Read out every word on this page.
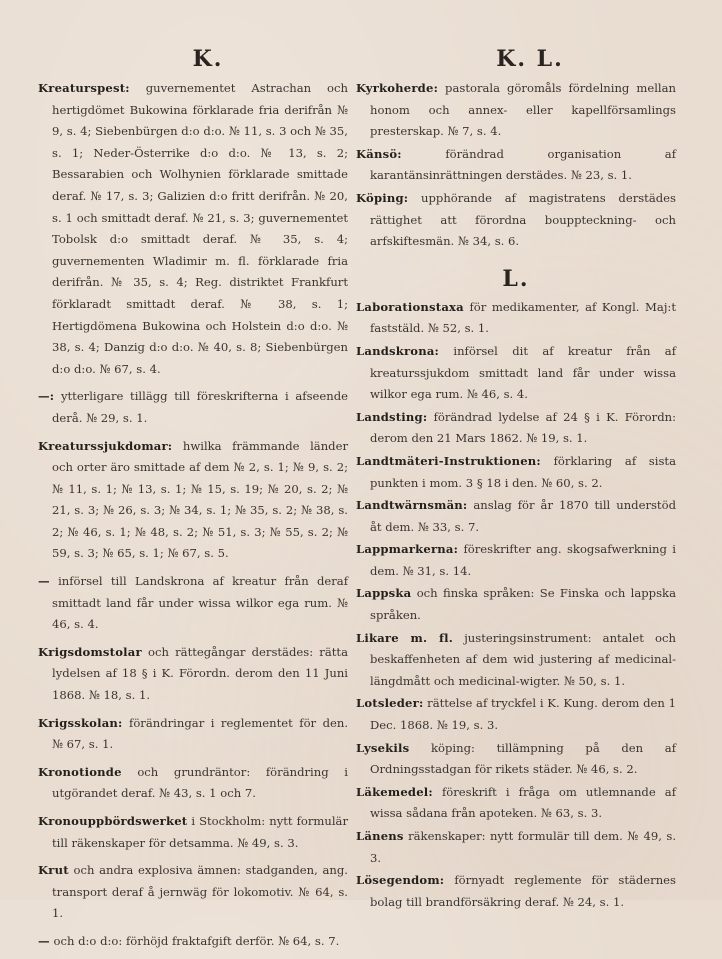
K.

Kreaturspest: guvernementet Astrachan och hertigdömet Bukowina förklarade fria derifrån № 9, s. 4; Siebenbürgen d:o d:o. № 11, s. 3 och № 35, s. 1; Neder-Österrike d:o d:o. № 13, s. 2; Bessarabien och Wolhynien förklarade smittade deraf. № 17, s. 3; Galizien d:o fritt derifrån. № 20, s. 1 och smittadt deraf. № 21, s. 3; guvernementet Tobolsk d:o smittadt deraf. № 35, s. 4; guvernementen Wladimir m. fl. förklarade fria derifrån. № 35, s. 4; Reg. distriktet Frankfurt förklaradt smittadt deraf. № 38, s. 1; Hertigdömena Bukowina och Holstein d:o d:o. № 38, s. 4; Danzig d:o d:o. № 40, s. 8; Siebenbürgen d:o d:o. № 67, s. 4.

—: ytterligare tillägg till föreskrifterna i afseende derå. № 29, s. 1.

Kreaturssjukdomar: hwilka främmande länder och orter äro smittade af dem № 2, s. 1; № 9, s. 2; № 11, s. 1; № 13, s. 1; № 15, s. 19; № 20, s. 2; № 21, s. 3; № 26, s. 3; № 34, s. 1; № 35, s. 2; № 38, s. 2; № 46, s. 1; № 48, s. 2; № 51, s. 3; № 55, s. 2; № 59, s. 3; № 65, s. 1; № 67, s. 5.

— införsel till Landskrona af kreatur från deraf smittadt land får under wissa wilkor ega rum. № 46, s. 4.

Krigsdomstolar och rättegångar derstädes: rätta lydelsen af 18 § i K. Förordn. derom den 11 Juni 1868. № 18, s. 1.

Krigsskolan: förändringar i reglementet för den. № 67, s. 1.

Kronotionde och grundräntor: förändring i utgörandet deraf. № 43, s. 1 och 7.

Kronouppbördswerket i Stockholm: nytt formulär till räkenskaper för detsamma. № 49, s. 3.

Krut och andra explosiva ämnen: stadganden, ang. transport deraf å jernwäg för lokomotiv. № 64, s. 1.

— och d:o d:o: förhöjd fraktafgift derför. № 64, s. 7.

K. L.

Kyrkoherde: pastorala göromåls fördelning mellan honom och annex- eller kapellförsamlings presterskap. № 7, s. 4.

Känsö: förändrad organisation af karantänsinrättningen derstädes. № 23, s. 1.

Köping: upphörande af magistratens derstädes rättighet att förordna bouppteckning- och arfskiftesmän. № 34, s. 6.

L.

Laborationstaxa för medikamenter, af Kongl. Maj:t faststäld. № 52, s. 1.

Landskrona: införsel dit af kreatur från af kreaturssjukdom smittadt land får under wissa wilkor ega rum. № 46, s. 4.

Landsting: förändrad lydelse af 24 § i K. Förordn: derom den 21 Mars 1862. № 19, s. 1.

Landtmäteri-Instruktionen: förklaring af sista punkten i mom. 3 § 18 i den. № 60, s. 2.

Landtwärnsmän: anslag för år 1870 till understöd åt dem. № 33, s. 7.

Lappmarkerna: föreskrifter ang. skogsafwerkning i dem. № 31, s. 14.

Lappska och finska språken: Se Finska och lappska språken.

Likare m. fl. justeringsinstrument: antalet och beskaffenheten af dem wid justering af medicinal-längdmått och medicinal-wigter. № 50, s. 1.

Lotsleder: rättelse af tryckfel i K. Kung. derom den 1 Dec. 1868. № 19, s. 3.

Lysekils köping: tillämpning på den af Ordningsstadgan för rikets städer. № 46, s. 2.

Läkemedel: föreskrift i fråga om utlemnande af wissa sådana från apoteken. № 63, s. 3.

Länens räkenskaper: nytt formulär till dem. № 49, s. 3.

Lösegendom: förnyadt reglemente för städernes bolag till brandförsäkring deraf. № 24, s. 1.
